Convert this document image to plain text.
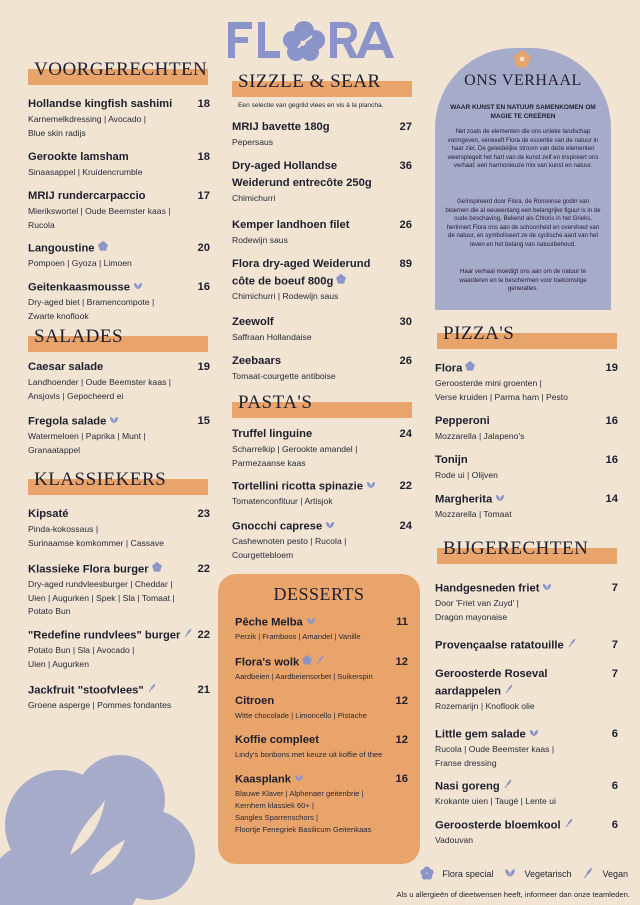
VOORGERECHTEN
Hollandse kingfish sashimi 18
Karnemelkdressing | Avocado |
Blue skin radijs
Gerookte lamsham	18
Sinaasappel | Kruidencrumble
MRIJ rundercarpaccio	17
Mierikswortel | Oude Beemster kaas |
Rucola
Langoustine	20
Pompoen | Gyoza | Limoen
Geitenkaasmousse	16
Dry-aged biet | Bramencompote |
Zwarte knoflook
SALADES
Caesar salade	19
Landhoender | Oude Beemster kaas |
Ansjovis | Gepocheerd ei
Fregola salade	15
Watermeloen | Paprika | Munt |
Granaatappel
KLASSIEKERS
Kipsaté	23
Pinda-kokossaus |
Surinaamse komkommer | Cassave
Klassieke Flora burger	22
Dry-aged rundvleesburger | Cheddar |
Uien | Augurken | Spek | Sla | Tomaat |
Potato Bun
"Redefine rundvlees" burger	22
Potato Bun | Sla | Avocado |
Uien | Augurken
Jackfruit "stoofvlees"	21
Groene asperge | Pommes fondantes
SIZZLE & SEAR
Een selectie van gegrild vlees en vis à la plancha.
MRIJ bavette 180g	27
Pepersaus
Dry-aged Hollandse
Weiderund entrecôte 250g
36
Chimichurri
Kemper landhoen filet	26
Rodewijn saus
Flora dry-aged Weiderund
côte de boeuf 800g
89
Chimichurri | Rodewijn saus
Zeewolf	30
Saffraan Hollandaise
Zeebaars	26
Tomaat-courgette antiboise
PASTA'S
Truffel linguine	24
Scharrelkip | Gerookte amandel |
Parmezaanse kaas
Tortellini ricotta spinazie	22
Tomatenconfituur | Artisjok
Gnocchi caprese	24
Cashewnoten pesto | Rucola |
Courgettebloem
DESSERTS
Pêche Melba	11
Perzik | Framboos | Amandel | Vanille
Flora's wolk	12
Aardbeien | Aardbeiensorbet | Suikerspin
Citroen	12
Witte chocolade | Limoncello | Pistache
Koffie compleet	12
Lindy's bonbons met keuze uit koffie of thee
Kaasplank	16
Blauwe Klaver | Alphenaer geitenbrie |
Kernhem klassiek 60+ |
Sangles Sparrenschors |
Floortje Fenegriek Basilicum Geitenkaas
ONS VERHAAL
WAAR KUNST EN NATUUR SAMENKOMEN OM MAGIE TE CREËREN
Net zoals de elementen die ons unieke landschap vormgeven, verweeft Flora de essentie van de natuur in haar ziel. De geleidelijke stroom van deze elementen weerspiegelt het hart van de kunst zelf en inspireert ons verhaal: een harmonieuze mix van kunst en natuur.
Geïnspireerd door Flora, de Romeinse godin van bloemen die al eeuwenlang een belangrijke figuur is in de oude beschaving. Bekend als Chloris in het Grieks, herinnert Flora ons aan de schoonheid en overvloed van de natuur, en symboliseert ze de cyclische aard van het leven en het belang van natuurbehoud.
Haar verhaal moedigt ons aan om de natuur te waarderen en te beschermen voor toekomstige generaties.
PIZZA'S
Flora	19
Geroosterde mini groenten |
Verse kruiden | Parma ham | Pesto
Pepperoni	16
Mozzarella | Jalapeno's
Tonijn	16
Rode ui | Olijven
Margherita	14
Mozzarella | Tomaat
BIJGERECHTEN
Handgesneden friet	7
Door 'Friet van Zuyd' |
Dragon mayonaise
Provençaalse ratatouille	7
Geroosterde Roseval
aardappelen
7
Rozemarijn | Knoflook olie
Little gem salade	6
Rucola | Oude Beemster kaas |
Franse dressing
Nasi goreng	6
Krokante uien | Taugé | Lente ui
Geroosterde bloemkool	6
Vadouvan
Flora special	Vegetarisch	Vegan
Als u allergieën of dieetwensen heeft, informeer dan onze teamleden.
